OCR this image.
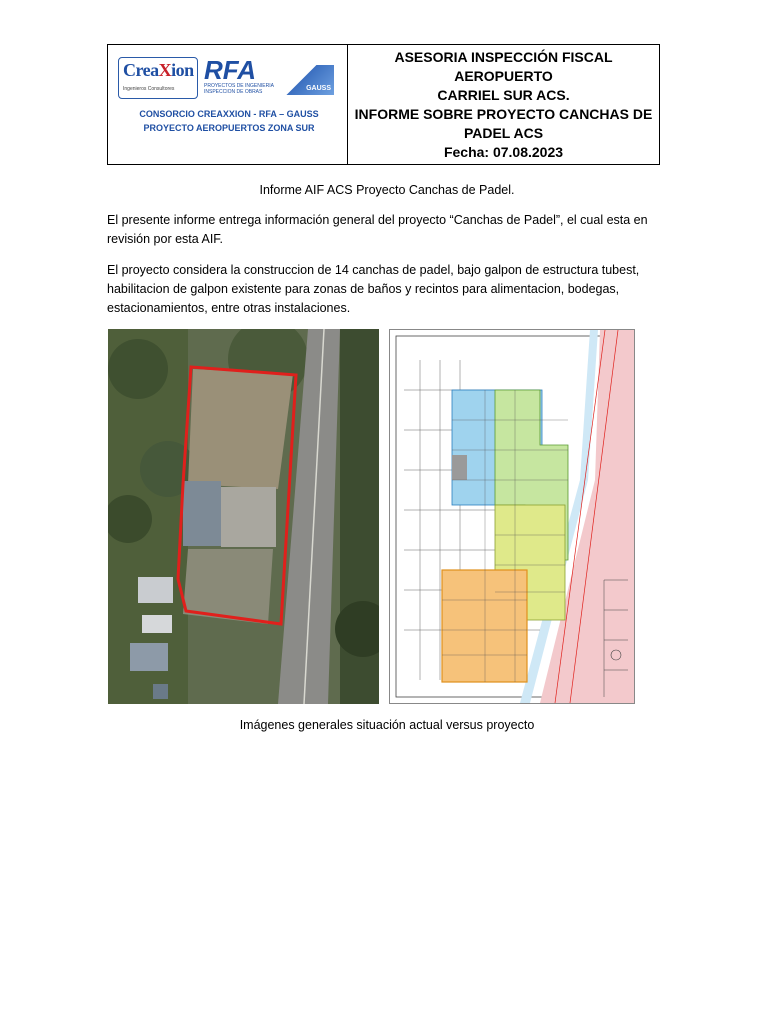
CreaXion
Ingenieros Consultores
RFA
PROYECTOS DE INGENIERIA INSPECCION DE OBRAS	GAUSS
CONSORCIO CREAXXION - RFA – GAUSS
PROYECTO AEROPUERTOS ZONA SUR
ASESORIA INSPECCIÓN FISCAL AEROPUERTO
CARRIEL SUR ACS.
INFORME SOBRE PROYECTO CANCHAS DE
PADEL ACS
Fecha: 07.08.2023
Informe AIF ACS Proyecto Canchas de Padel.
El presente informe entrega información general del proyecto “Canchas de Padel”, el cual esta en revisión por esta AIF.
El proyecto considera la construccion de 14 canchas de padel, bajo galpon de estructura tubest, habilitacion de galpon existente para zonas de baños y recintos para alimentacion, bodegas, estacionamientos, entre otras instalaciones.
Imágenes generales situación actual versus proyecto
